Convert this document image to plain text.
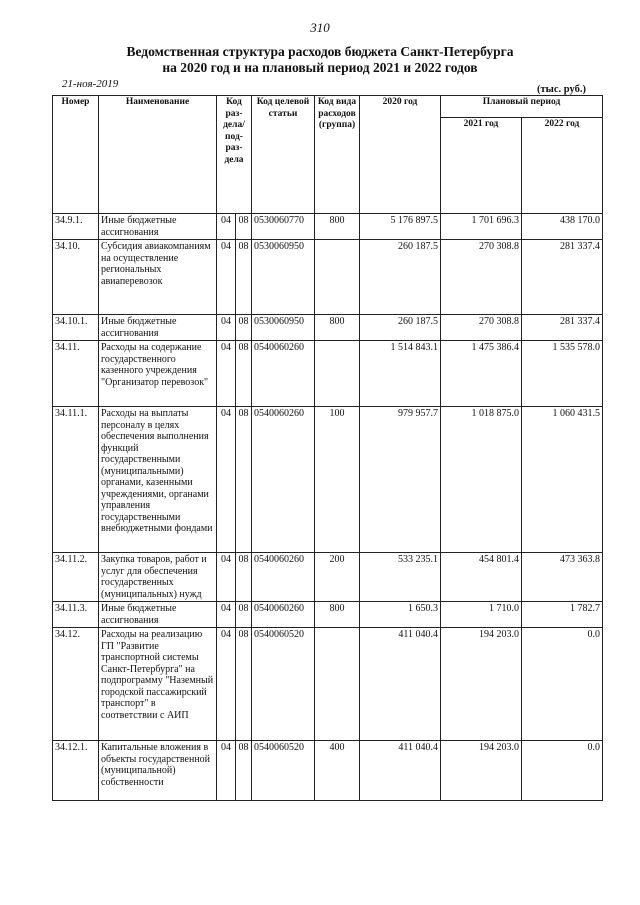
310
Ведомственная структура расходов бюджета Санкт-Петербурга
на 2020 год и на плановый период 2021 и 2022 годов
21-ноя-2019	(тыс. руб.)
Номер	Наименование	Код раз- дела/ под- раз- дела		Код целевой статьи	Код вида расходов (группа)	2020 год	Плановый период	
							2021 год	2022 год
34.9.1.	Иные бюджетные ассигнования	04	08	0530060770	800	5 176 897.5	1 701 696.3	438 170.0
34.10.	Субсидия авиакомпаниям на осуществление региональных авиаперевозок	04	08	0530060950		260 187.5	270 308.8	281 337.4
34.10.1.	Иные бюджетные ассигнования	04	08	0530060950	800	260 187.5	270 308.8	281 337.4
34.11.	Расходы на содержание государственного казенного учреждения "Организатор перевозок"	04	08	0540060260		1 514 843.1	1 475 386.4	1 535 578.0
34.11.1.	Расходы на выплаты персоналу в целях обеспечения выполнения функций государственными (муниципальными) органами, казенными учреждениями, органами управления государственными внебюджетными фондами	04	08	0540060260	100	979 957.7	1 018 875.0	1 060 431.5
34.11.2.	Закупка товаров, работ и услуг для обеспечения государственных (муниципальных) нужд	04	08	0540060260	200	533 235.1	454 801.4	473 363.8
34.11.3.	Иные бюджетные ассигнования	04	08	0540060260	800	1 650.3	1 710.0	1 782.7
34.12.	Расходы на реализацию ГП "Развитие транспортной системы Санкт-Петербурга" на подпрограмму "Наземный городской пассажирский транспорт" в соответствии с АИП	04	08	0540060520		411 040.4	194 203.0	0.0
34.12.1.	Капитальные вложения в объекты государственной (муниципальной) собственности	04	08	0540060520	400	411 040.4	194 203.0	0.0
